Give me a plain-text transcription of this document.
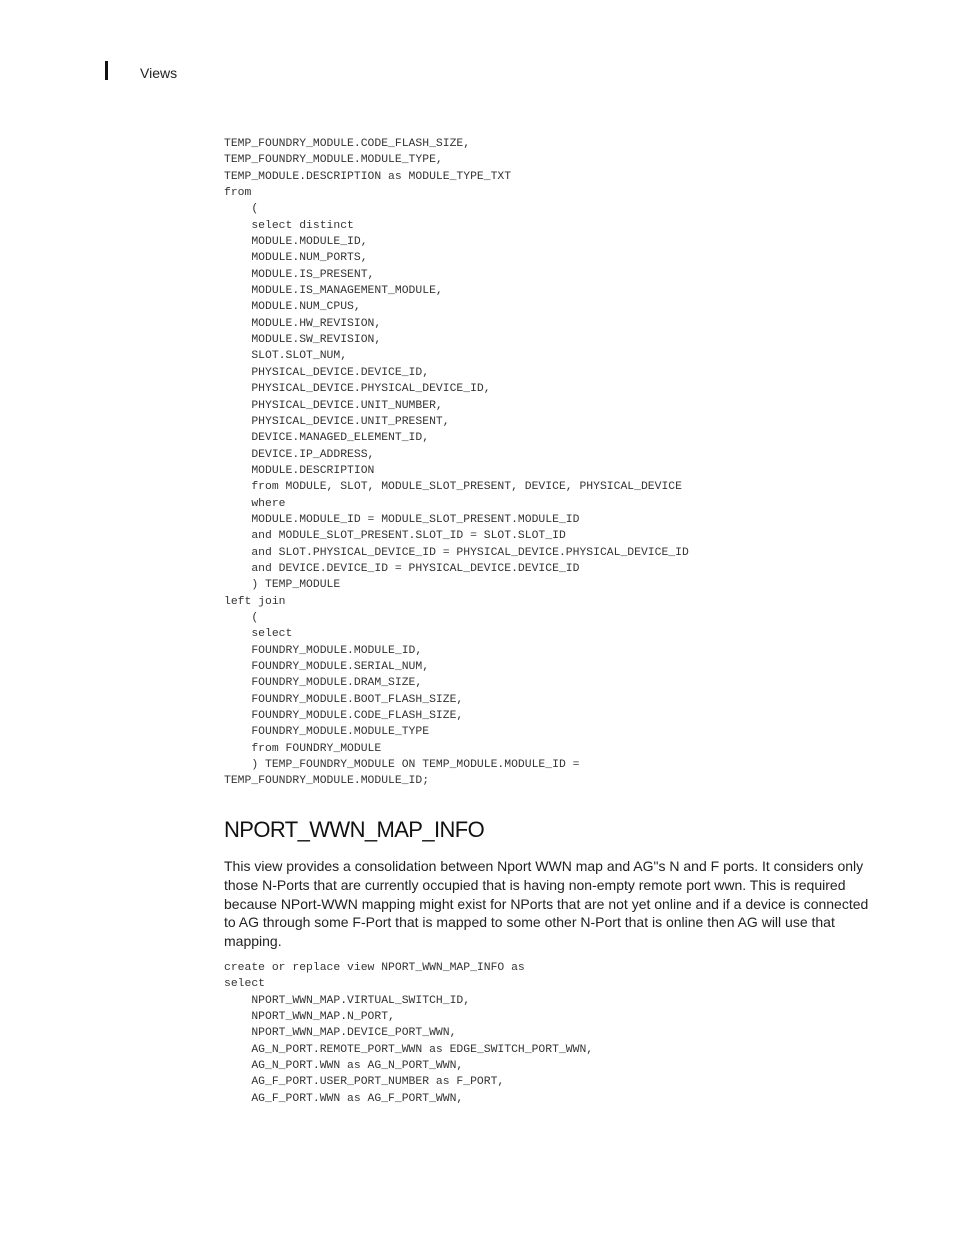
Views
TEMP_FOUNDRY_MODULE.CODE_FLASH_SIZE,
TEMP_FOUNDRY_MODULE.MODULE_TYPE,
TEMP_MODULE.DESCRIPTION as MODULE_TYPE_TXT
from
(
select distinct
MODULE.MODULE_ID,
MODULE.NUM_PORTS,
MODULE.IS_PRESENT,
MODULE.IS_MANAGEMENT_MODULE,
MODULE.NUM_CPUS,
MODULE.HW_REVISION,
MODULE.SW_REVISION,
SLOT.SLOT_NUM,
PHYSICAL_DEVICE.DEVICE_ID,
PHYSICAL_DEVICE.PHYSICAL_DEVICE_ID,
PHYSICAL_DEVICE.UNIT_NUMBER,
PHYSICAL_DEVICE.UNIT_PRESENT,
DEVICE.MANAGED_ELEMENT_ID,
DEVICE.IP_ADDRESS,
MODULE.DESCRIPTION
from MODULE, SLOT, MODULE_SLOT_PRESENT, DEVICE, PHYSICAL_DEVICE
where
MODULE.MODULE_ID = MODULE_SLOT_PRESENT.MODULE_ID
and MODULE_SLOT_PRESENT.SLOT_ID = SLOT.SLOT_ID
and SLOT.PHYSICAL_DEVICE_ID = PHYSICAL_DEVICE.PHYSICAL_DEVICE_ID
and DEVICE.DEVICE_ID = PHYSICAL_DEVICE.DEVICE_ID
) TEMP_MODULE
left join
(
select
FOUNDRY_MODULE.MODULE_ID,
FOUNDRY_MODULE.SERIAL_NUM,
FOUNDRY_MODULE.DRAM_SIZE,
FOUNDRY_MODULE.BOOT_FLASH_SIZE,
FOUNDRY_MODULE.CODE_FLASH_SIZE,
FOUNDRY_MODULE.MODULE_TYPE
from FOUNDRY_MODULE
) TEMP_FOUNDRY_MODULE ON TEMP_MODULE.MODULE_ID =
TEMP_FOUNDRY_MODULE.MODULE_ID;
NPORT_WWN_MAP_INFO

This view provides a consolidation between Nport WWN map and AG"s N and F ports. It considers only those N-Ports that are currently occupied that is having non-empty remote port wwn. This is required because NPort-WWN mapping might exist for NPorts that are not yet online and if a device is connected to AG through some F-Port that is mapped to some other N-Port that is online then AG will use that mapping.

create or replace view NPORT_WWN_MAP_INFO as
select
NPORT_WWN_MAP.VIRTUAL_SWITCH_ID,
NPORT_WWN_MAP.N_PORT,
NPORT_WWN_MAP.DEVICE_PORT_WWN,
AG_N_PORT.REMOTE_PORT_WWN as EDGE_SWITCH_PORT_WWN,
AG_N_PORT.WWN as AG_N_PORT_WWN,
AG_F_PORT.USER_PORT_NUMBER as F_PORT,
AG_F_PORT.WWN as AG_F_PORT_WWN,
